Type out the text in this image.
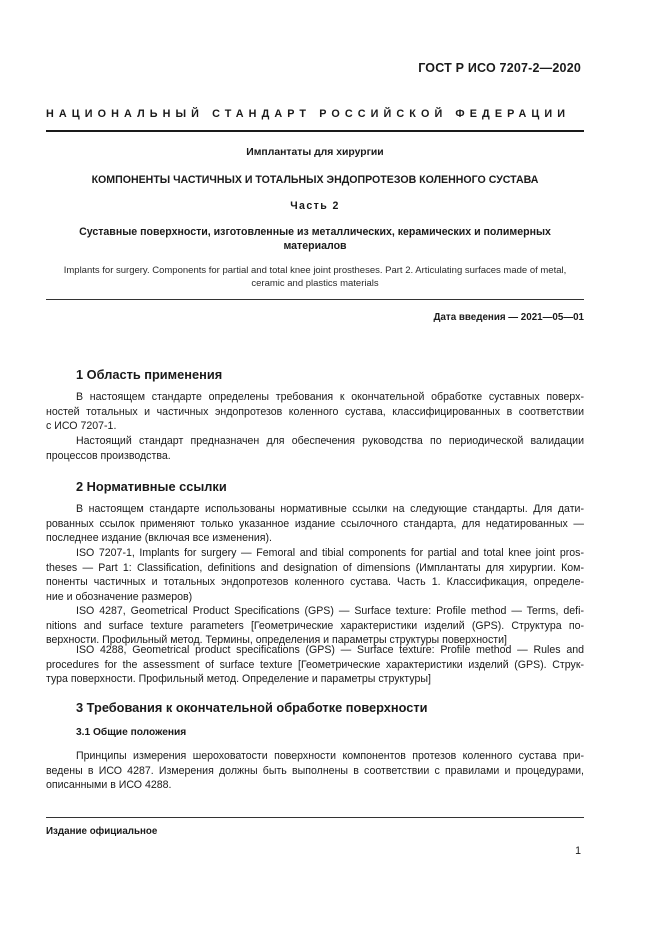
ГОСТ Р ИСО 7207-2—2020
НАЦИОНАЛЬНЫЙ СТАНДАРТ РОССИЙСКОЙ ФЕДЕРАЦИИ
Имплантаты для хирургии
КОМПОНЕНТЫ ЧАСТИЧНЫХ И ТОТАЛЬНЫХ ЭНДОПРОТЕЗОВ КОЛЕННОГО СУСТАВА
Часть 2
Суставные поверхности, изготовленные из металлических, керамических и полимерных
материалов
Implants for surgery. Components for partial and total knee joint prostheses. Part 2. Articulating surfaces made of metal,
ceramic and plastics materials
Дата введения — 2021—05—01
1 Область применения
В настоящем стандарте определены требования к окончательной обработке суставных поверх-
ностей тотальных и частичных эндопротезов коленного сустава, классифицированных в соответствии
с ИСО 7207-1.
Настоящий стандарт предназначен для обеспечения руководства по периодической валидации
процессов производства.
2 Нормативные ссылки
В настоящем стандарте использованы нормативные ссылки на следующие стандарты. Для дати-
рованных ссылок применяют только указанное издание ссылочного стандарта, для недатированных —
последнее издание (включая все изменения).
ISO 7207-1, Implants for surgery — Femoral and tibial components for partial and total knee joint pros-
theses — Part 1: Classification, definitions and designation of dimensions (Имплантаты для хирургии. Ком-
поненты частичных и тотальных эндопротезов коленного сустава. Часть 1. Классификация, определе-
ние и обозначение размеров)
ISO 4287, Geometrical Product Specifications (GPS) — Surface texture: Profile method — Terms, defi-
nitions and surface texture parameters [Геометрические характеристики изделий (GPS). Структура по-
верхности. Профильный метод. Термины, определения и параметры структуры поверхности]
ISO 4288, Geometrical product specifications (GPS) — Surface texture: Profile method — Rules and
procedures for the assessment of surface texture [Геометрические характеристики изделий (GPS). Струк-
тура поверхности. Профильный метод. Определение и параметры структуры]
3 Требования к окончательной обработке поверхности
3.1 Общие положения
Принципы измерения шероховатости поверхности компонентов протезов коленного сустава при-
ведены в ИСО 4287. Измерения должны быть выполнены в соответствии с правилами и процедурами,
описанными в ИСО 4288.
Издание официальное
1
